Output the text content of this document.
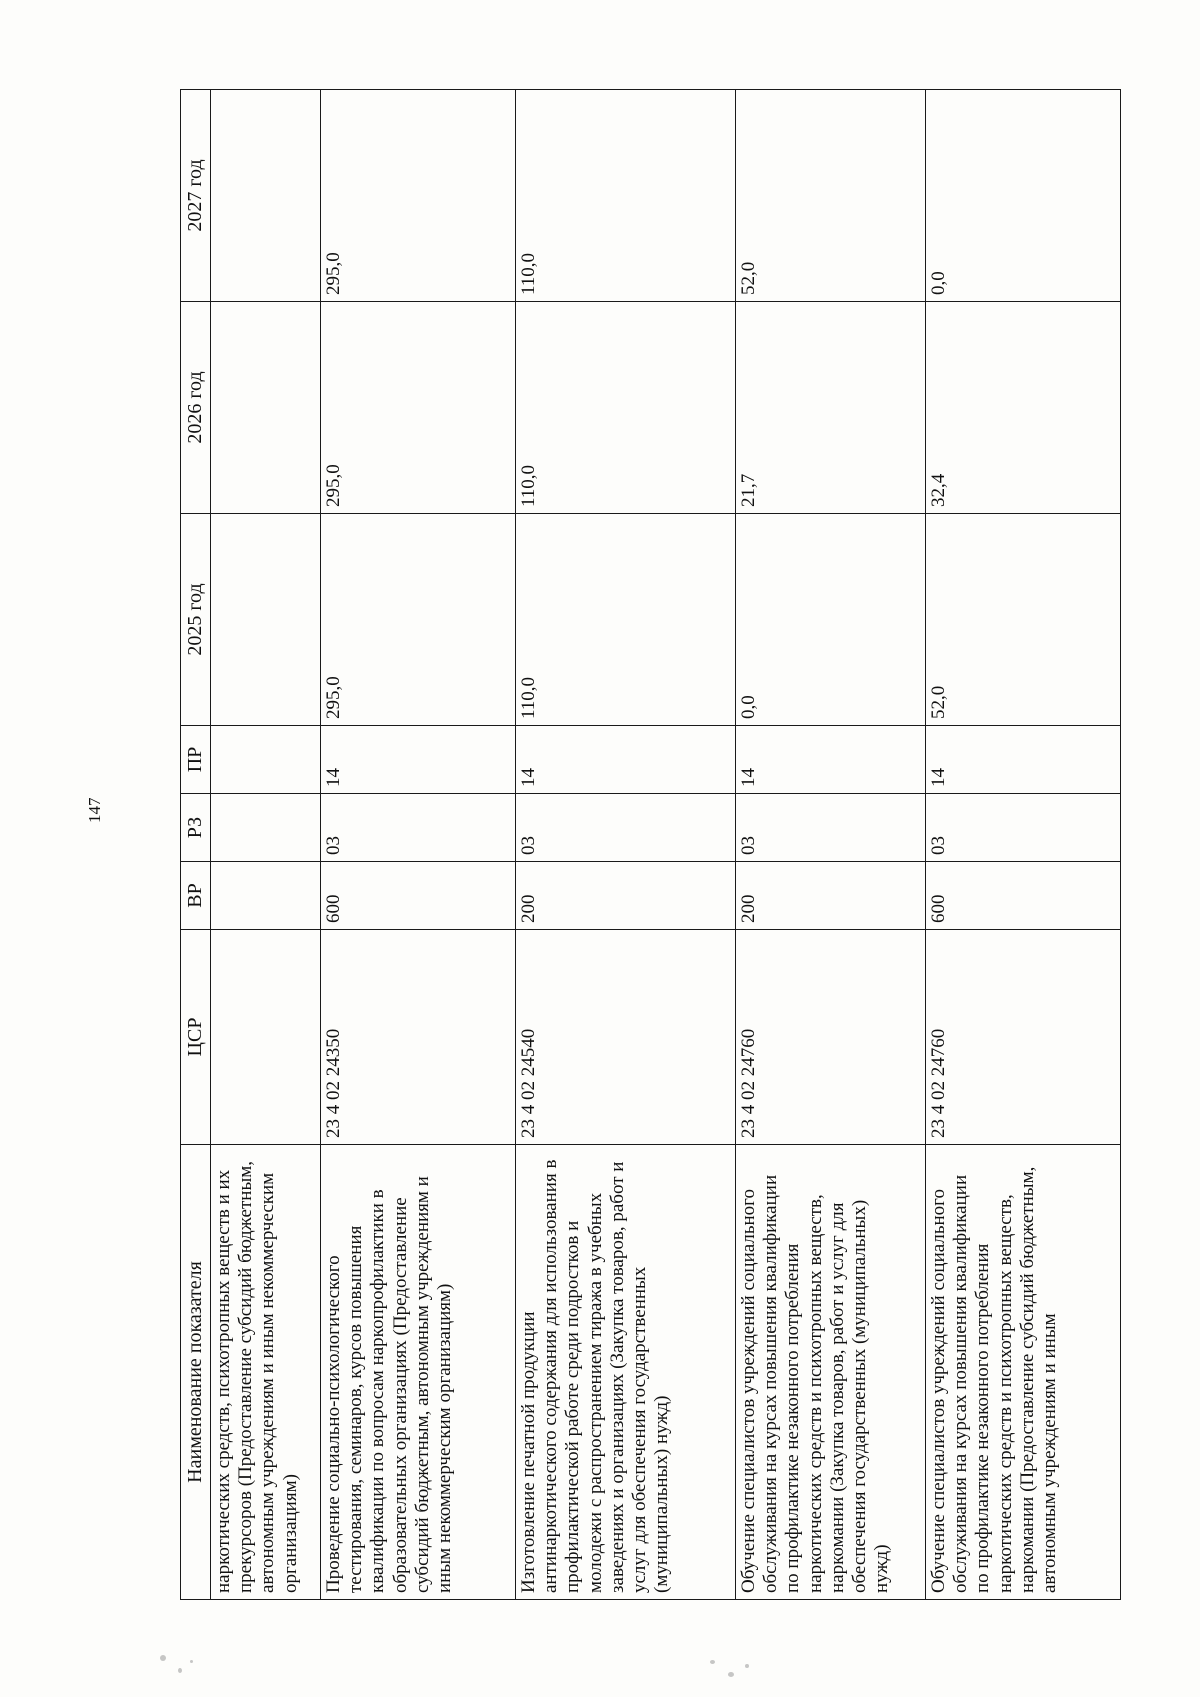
147
Наименование показателя	ЦСР	ВР	РЗ	ПР	2025 год	2026 год	2027 год
наркотических средств, психотропных веществ и их прекурсоров (Предоставление субсидий бюджетным, автономным учреждениям и иным некоммерческим организациям)							
Проведение социально-психологического тестирования, семинаров, курсов повышения квалификации по вопросам наркопрофилактики в образовательных организациях (Предоставление субсидий бюджетным, автономным учреждениям и иным некоммерческим организациям)	23 4 02 24350	600	03	14	295,0	295,0	295,0
Изготовление печатной продукции антинаркотического содержания для использования в профилактической работе среди подростков и молодежи с распространением тиража в учебных заведениях и организациях (Закупка товаров, работ и услуг для обеспечения государственных (муниципальных) нужд)	23 4 02 24540	200	03	14	110,0	110,0	110,0
Обучение специалистов учреждений социального обслуживания на курсах повышения квалификации по профилактике незаконного потребления наркотических средств и психотропных веществ, наркомании (Закупка товаров, работ и услуг для обеспечения государственных (муниципальных) нужд)	23 4 02 24760	200	03	14	0,0	21,7	52,0
Обучение специалистов учреждений социального обслуживания на курсах повышения квалификации по профилактике незаконного потребления наркотических средств и психотропных веществ, наркомании (Предоставление субсидий бюджетным, автономным учреждениям и иным	23 4 02 24760	600	03	14	52,0	32,4	0,0
